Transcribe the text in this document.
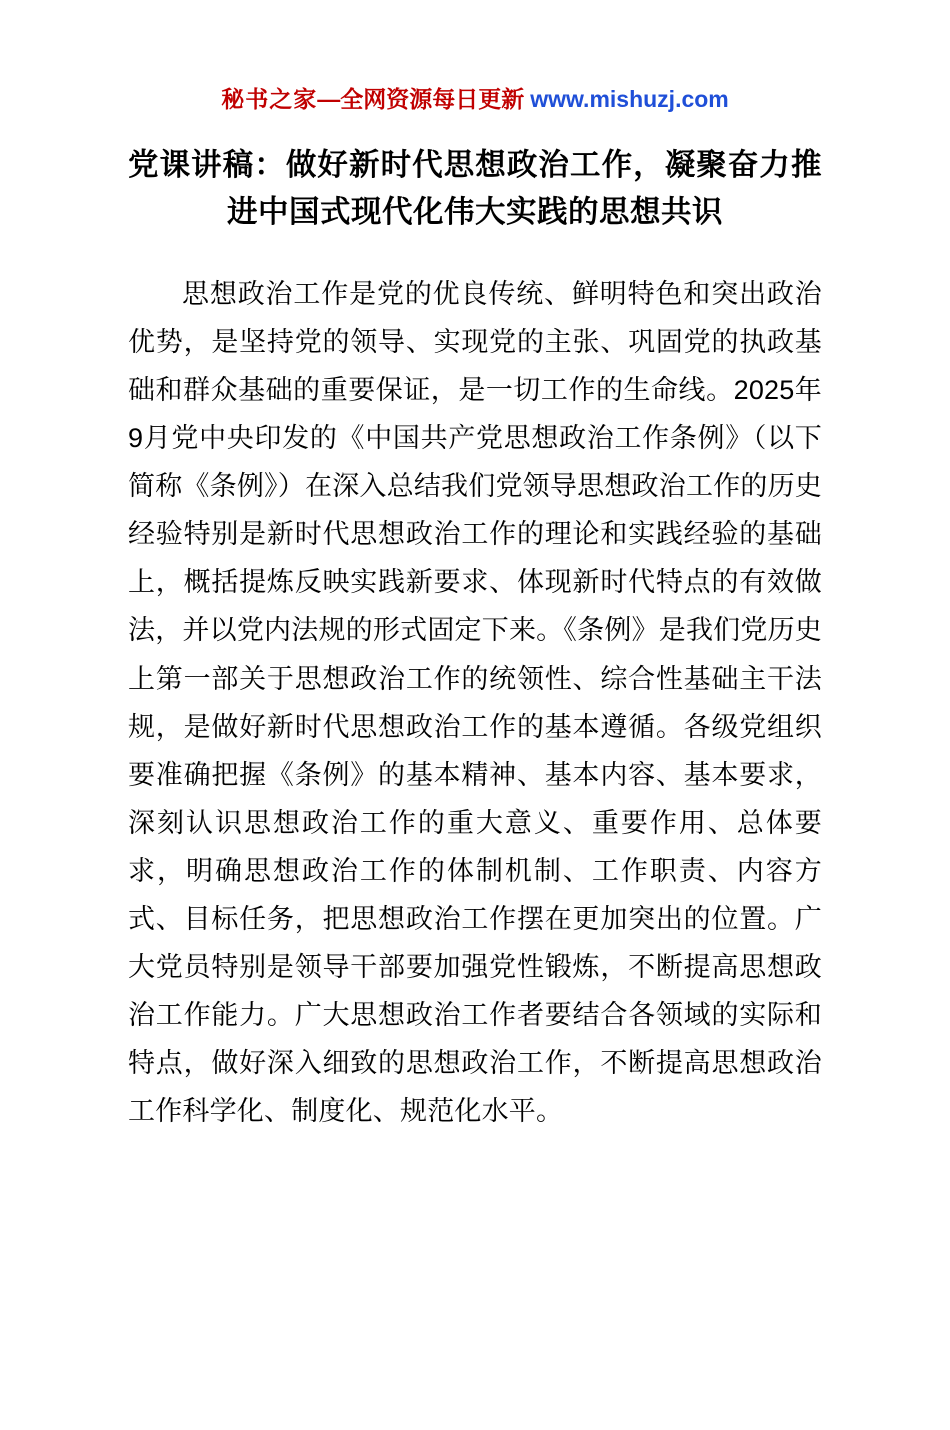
秘书之家—全网资源每日更新 www.mishuzj.com
党课讲稿：做好新时代思想政治工作，凝聚奋力推进中国式现代化伟大实践的思想共识

思想政治工作是党的优良传统、鲜明特色和突出政治优势，是坚持党的领导、实现党的主张、巩固党的执政基础和群众基础的重要保证，是一切工作的生命线。2025年9月党中央印发的《中国共产党思想政治工作条例》（以下简称《条例》）在深入总结我们党领导思想政治工作的历史经验特别是新时代思想政治工作的理论和实践经验的基础上，概括提炼反映实践新要求、体现新时代特点的有效做法，并以党内法规的形式固定下来。《条例》是我们党历史上第一部关于思想政治工作的统领性、综合性基础主干法规，是做好新时代思想政治工作的基本遵循。各级党组织要准确把握《条例》的基本精神、基本内容、基本要求，深刻认识思想政治工作的重大意义、重要作用、总体要求，明确思想政治工作的体制机制、工作职责、内容方式、目标任务，把思想政治工作摆在更加突出的位置。广大党员特别是领导干部要加强党性锻炼，不断提高思想政治工作能力。广大思想政治工作者要结合各领域的实际和特点，做好深入细致的思想政治工作，不断提高思想政治工作科学化、制度化、规范化水平。
